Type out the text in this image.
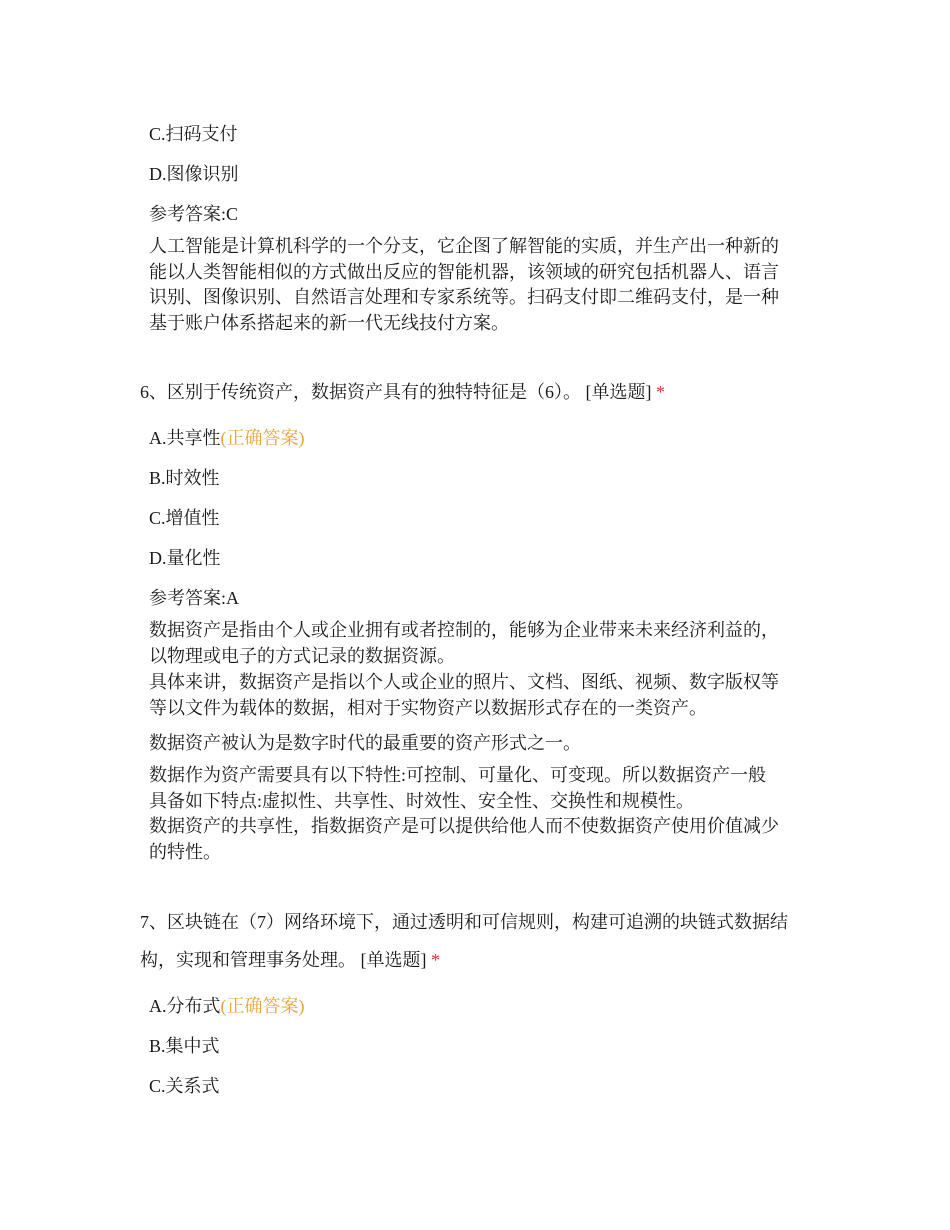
C.扫码支付
D.图像识别
参考答案:C
人工智能是计算机科学的一个分支，它企图了解智能的实质，并生产出一种新的
能以人类智能相似的方式做出反应的智能机器，该领域的研究包括机器人、语言
识别、图像识别、自然语言处理和专家系统等。扫码支付即二维码支付，是一种
基于账户体系搭起来的新一代无线技付方案。
6、区别于传统资产，数据资产具有的独特特征是（6）。 [单选题] *
A.共享性(正确答案)
B.时效性
C.增值性
D.量化性
参考答案:A
数据资产是指由个人或企业拥有或者控制的，能够为企业带来未来经济利益的，
以物理或电子的方式记录的数据资源。
具体来讲，数据资产是指以个人或企业的照片、文档、图纸、视频、数字版权等
等以文件为载体的数据，相对于实物资产以数据形式存在的一类资产。
数据资产被认为是数字时代的最重要的资产形式之一。
数据作为资产需要具有以下特性:可控制、可量化、可变现。所以数据资产一般
具备如下特点:虚拟性、共享性、时效性、安全性、交换性和规模性。
数据资产的共享性，指数据资产是可以提供给他人而不使数据资产使用价值减少
的特性。
7、区块链在（7）网络环境下，通过透明和可信规则，构建可追溯的块链式数据结
构，实现和管理事务处理。 [单选题] *
A.分布式(正确答案)
B.集中式
C.关系式
